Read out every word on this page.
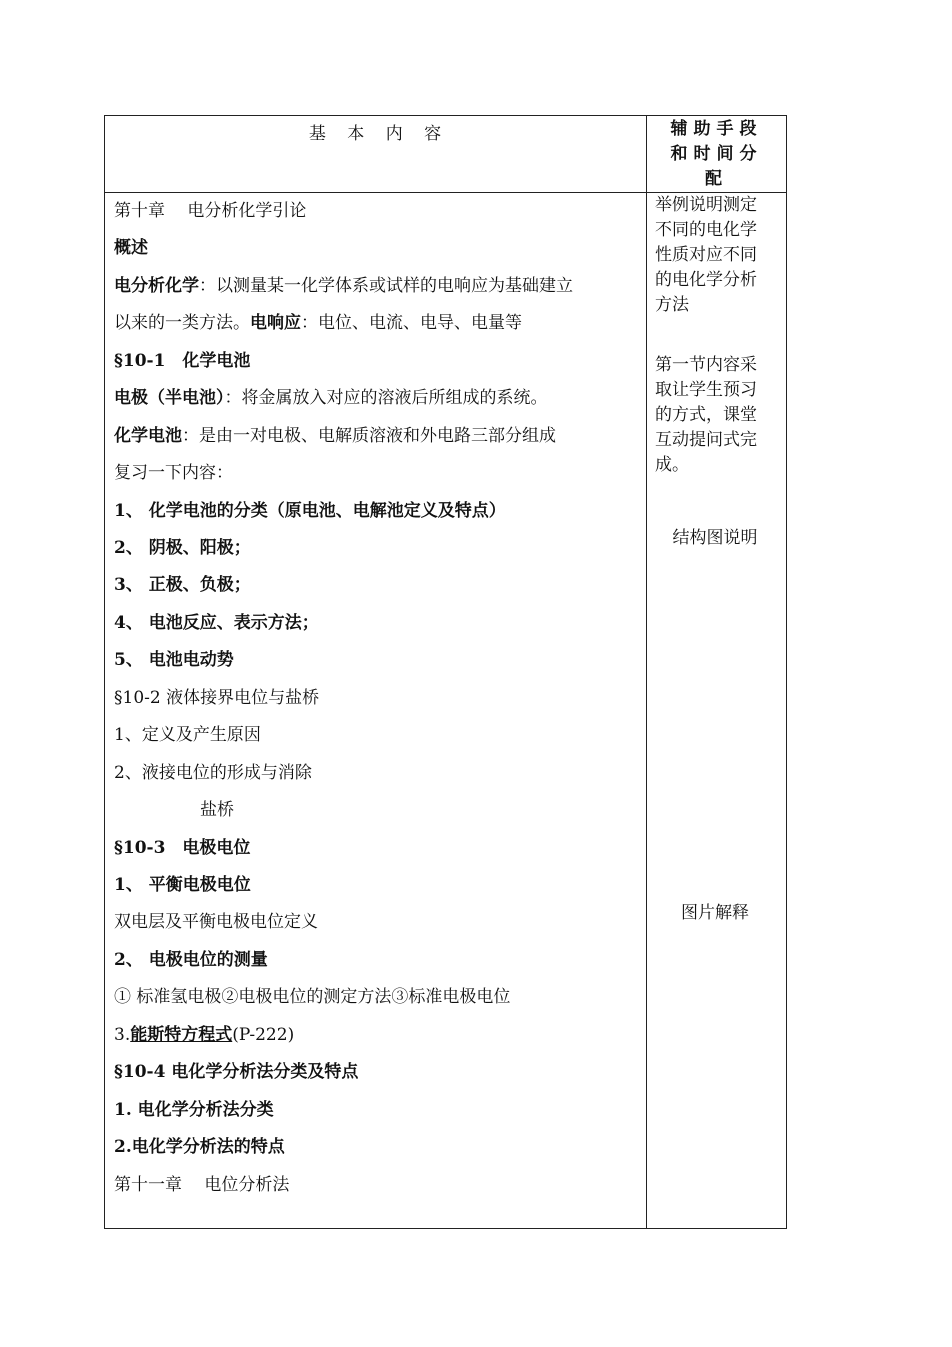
基 本 内 容	辅助手段
和时间分
配
第十章　 电分析化学引论
概述
电分析化学：以测量某一化学体系或试样的电响应为基础建立
以来的一类方法。电响应：电位、电流、电导、电量等
§10-1　化学电池
电极（半电池）：将金属放入对应的溶液后所组成的系统。
化学电池：是由一对电极、电解质溶液和外电路三部分组成
复习一下内容：
1、 化学电池的分类（原电池、电解池定义及特点）
2、 阴极、阳极；
3、 正极、负极；
4、 电池反应、表示方法；
5、 电池电动势
§10-2 液体接界电位与盐桥
1、定义及产生原因
2、液接电位的形成与消除
盐桥
§10-3　电极电位
1、 平衡电极电位
双电层及平衡电极电位定义
2、 电极电位的测量
① 标准氢电极②电极电位的测定方法③标准电极电位
3.能斯特方程式(P-222)
§10-4 电化学分析法分类及特点
1. 电化学分析法分类
2.电化学分析法的特点
第十一章　 电位分析法
举例说明测定
不同的电化学
性质对应不同
的电化学分析
方法
第一节内容采
取让学生预习
的方式，课堂
互动提问式完
成。
结构图说明
图片解释
